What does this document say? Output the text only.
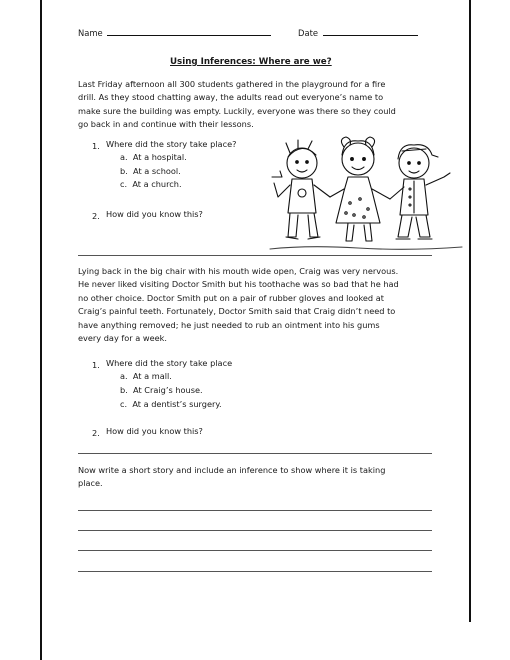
Name	Date
Using Inferences: Where are we?
Last Friday afternoon all 300 students gathered in the playground for a fire
drill. As they stood chatting away, the adults read out everyone’s name to
make sure the building was empty. Luckily, everyone was there so they could
go back in and continue with their lessons.
1. Where did the story take place?
a. At a hospital.
b. At a school.
c. At a church.
2. How did you know this?
Lying back in the big chair with his mouth wide open, Craig was very nervous.
He never liked visiting Doctor Smith but his toothache was so bad that he had
no other choice. Doctor Smith put on a pair of rubber gloves and looked at
Craig’s painful teeth. Fortunately, Doctor Smith said that Craig didn’t need to
have anything removed; he just needed to rub an ointment into his gums
every day for a week.
1. Where did the story take place
a. At a mall.
b. At Craig’s house.
c. At a dentist’s surgery.
2. How did you know this?
Now write a short story and include an inference to show where it is taking
place.
